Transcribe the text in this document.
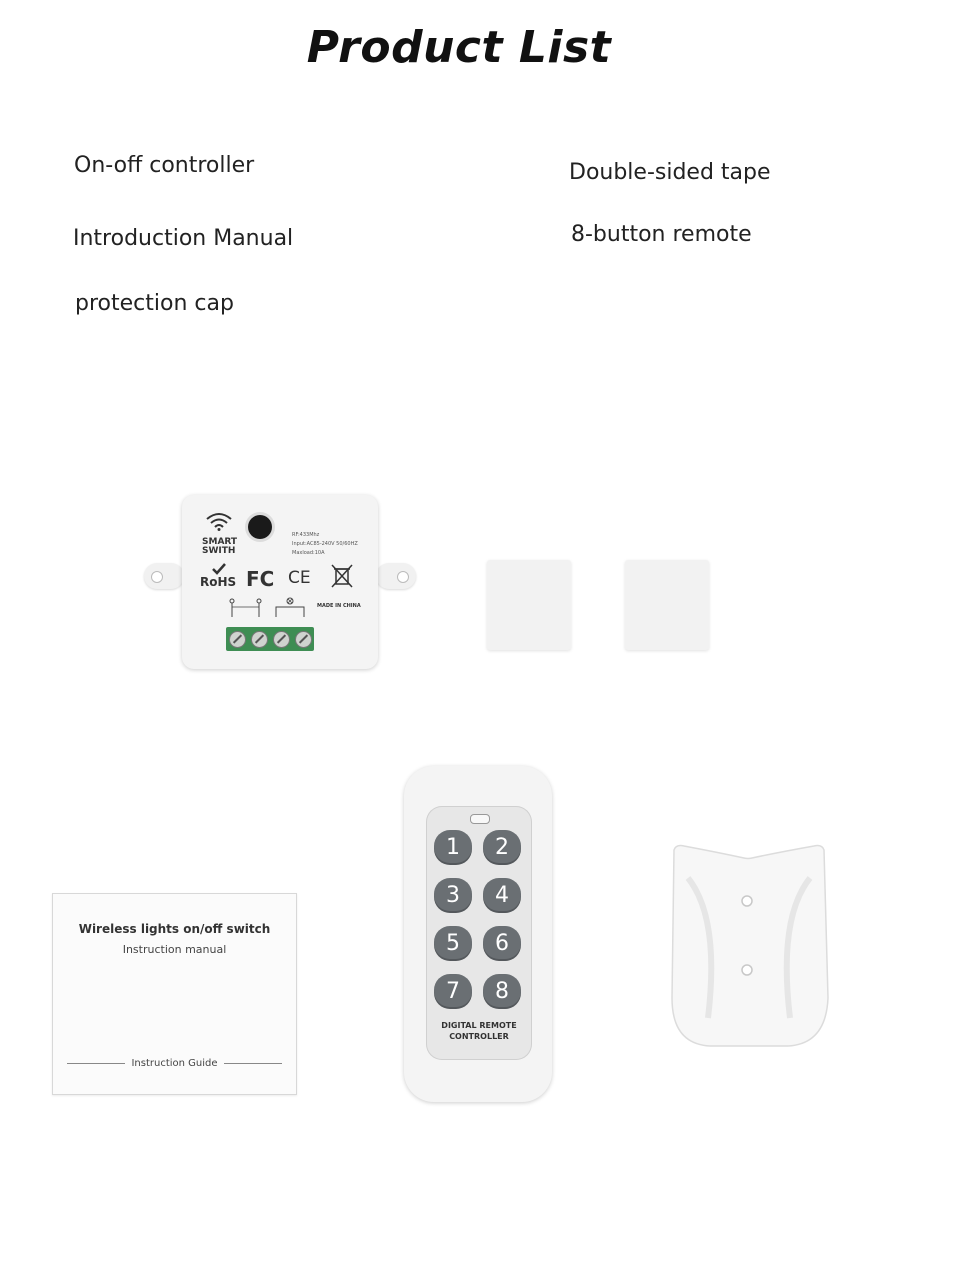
Product List
On-off controller
Introduction Manual
protection cap
Double-sided tape
8-button remote
SMART SWITH
RF:433Mhz
Input:AC85-240V 50/60HZ
Maxload:10A
RoHS FC CE
MADE IN CHINA
Wireless lights on/off switch
Instruction manual
Instruction Guide
1	2
3	4
5	6
7	8
DIGITAL REMOTE
CONTROLLER
